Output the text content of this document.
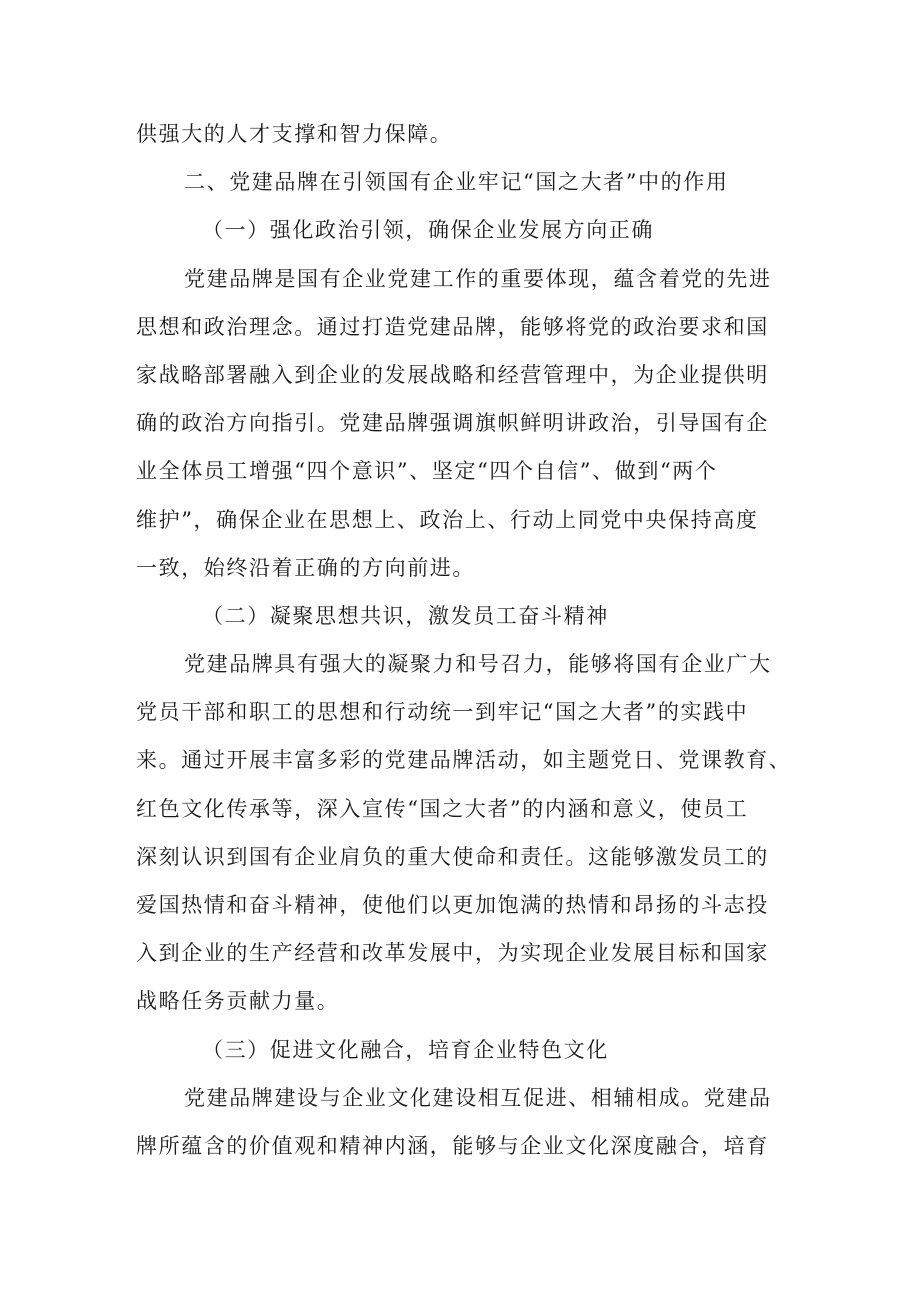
供强大的人才支撑和智力保障。
二、党建品牌在引领国有企业牢记“国之大者”中的作用
（一）强化政治引领，确保企业发展方向正确
党建品牌是国有企业党建工作的重要体现，蕴含着党的先进
思想和政治理念。通过打造党建品牌，能够将党的政治要求和国
家战略部署融入到企业的发展战略和经营管理中，为企业提供明
确的政治方向指引。党建品牌强调旗帜鲜明讲政治，引导国有企
业全体员工增强“四个意识”、坚定“四个自信”、做到“两个
维护”，确保企业在思想上、政治上、行动上同党中央保持高度
一致，始终沿着正确的方向前进。
（二）凝聚思想共识，激发员工奋斗精神
党建品牌具有强大的凝聚力和号召力，能够将国有企业广大
党员干部和职工的思想和行动统一到牢记“国之大者”的实践中
来。通过开展丰富多彩的党建品牌活动，如主题党日、党课教育、
红色文化传承等，深入宣传“国之大者”的内涵和意义，使员工
深刻认识到国有企业肩负的重大使命和责任。这能够激发员工的
爱国热情和奋斗精神，使他们以更加饱满的热情和昂扬的斗志投
入到企业的生产经营和改革发展中，为实现企业发展目标和国家
战略任务贡献力量。
（三）促进文化融合，培育企业特色文化
党建品牌建设与企业文化建设相互促进、相辅相成。党建品
牌所蕴含的价值观和精神内涵，能够与企业文化深度融合，培育
